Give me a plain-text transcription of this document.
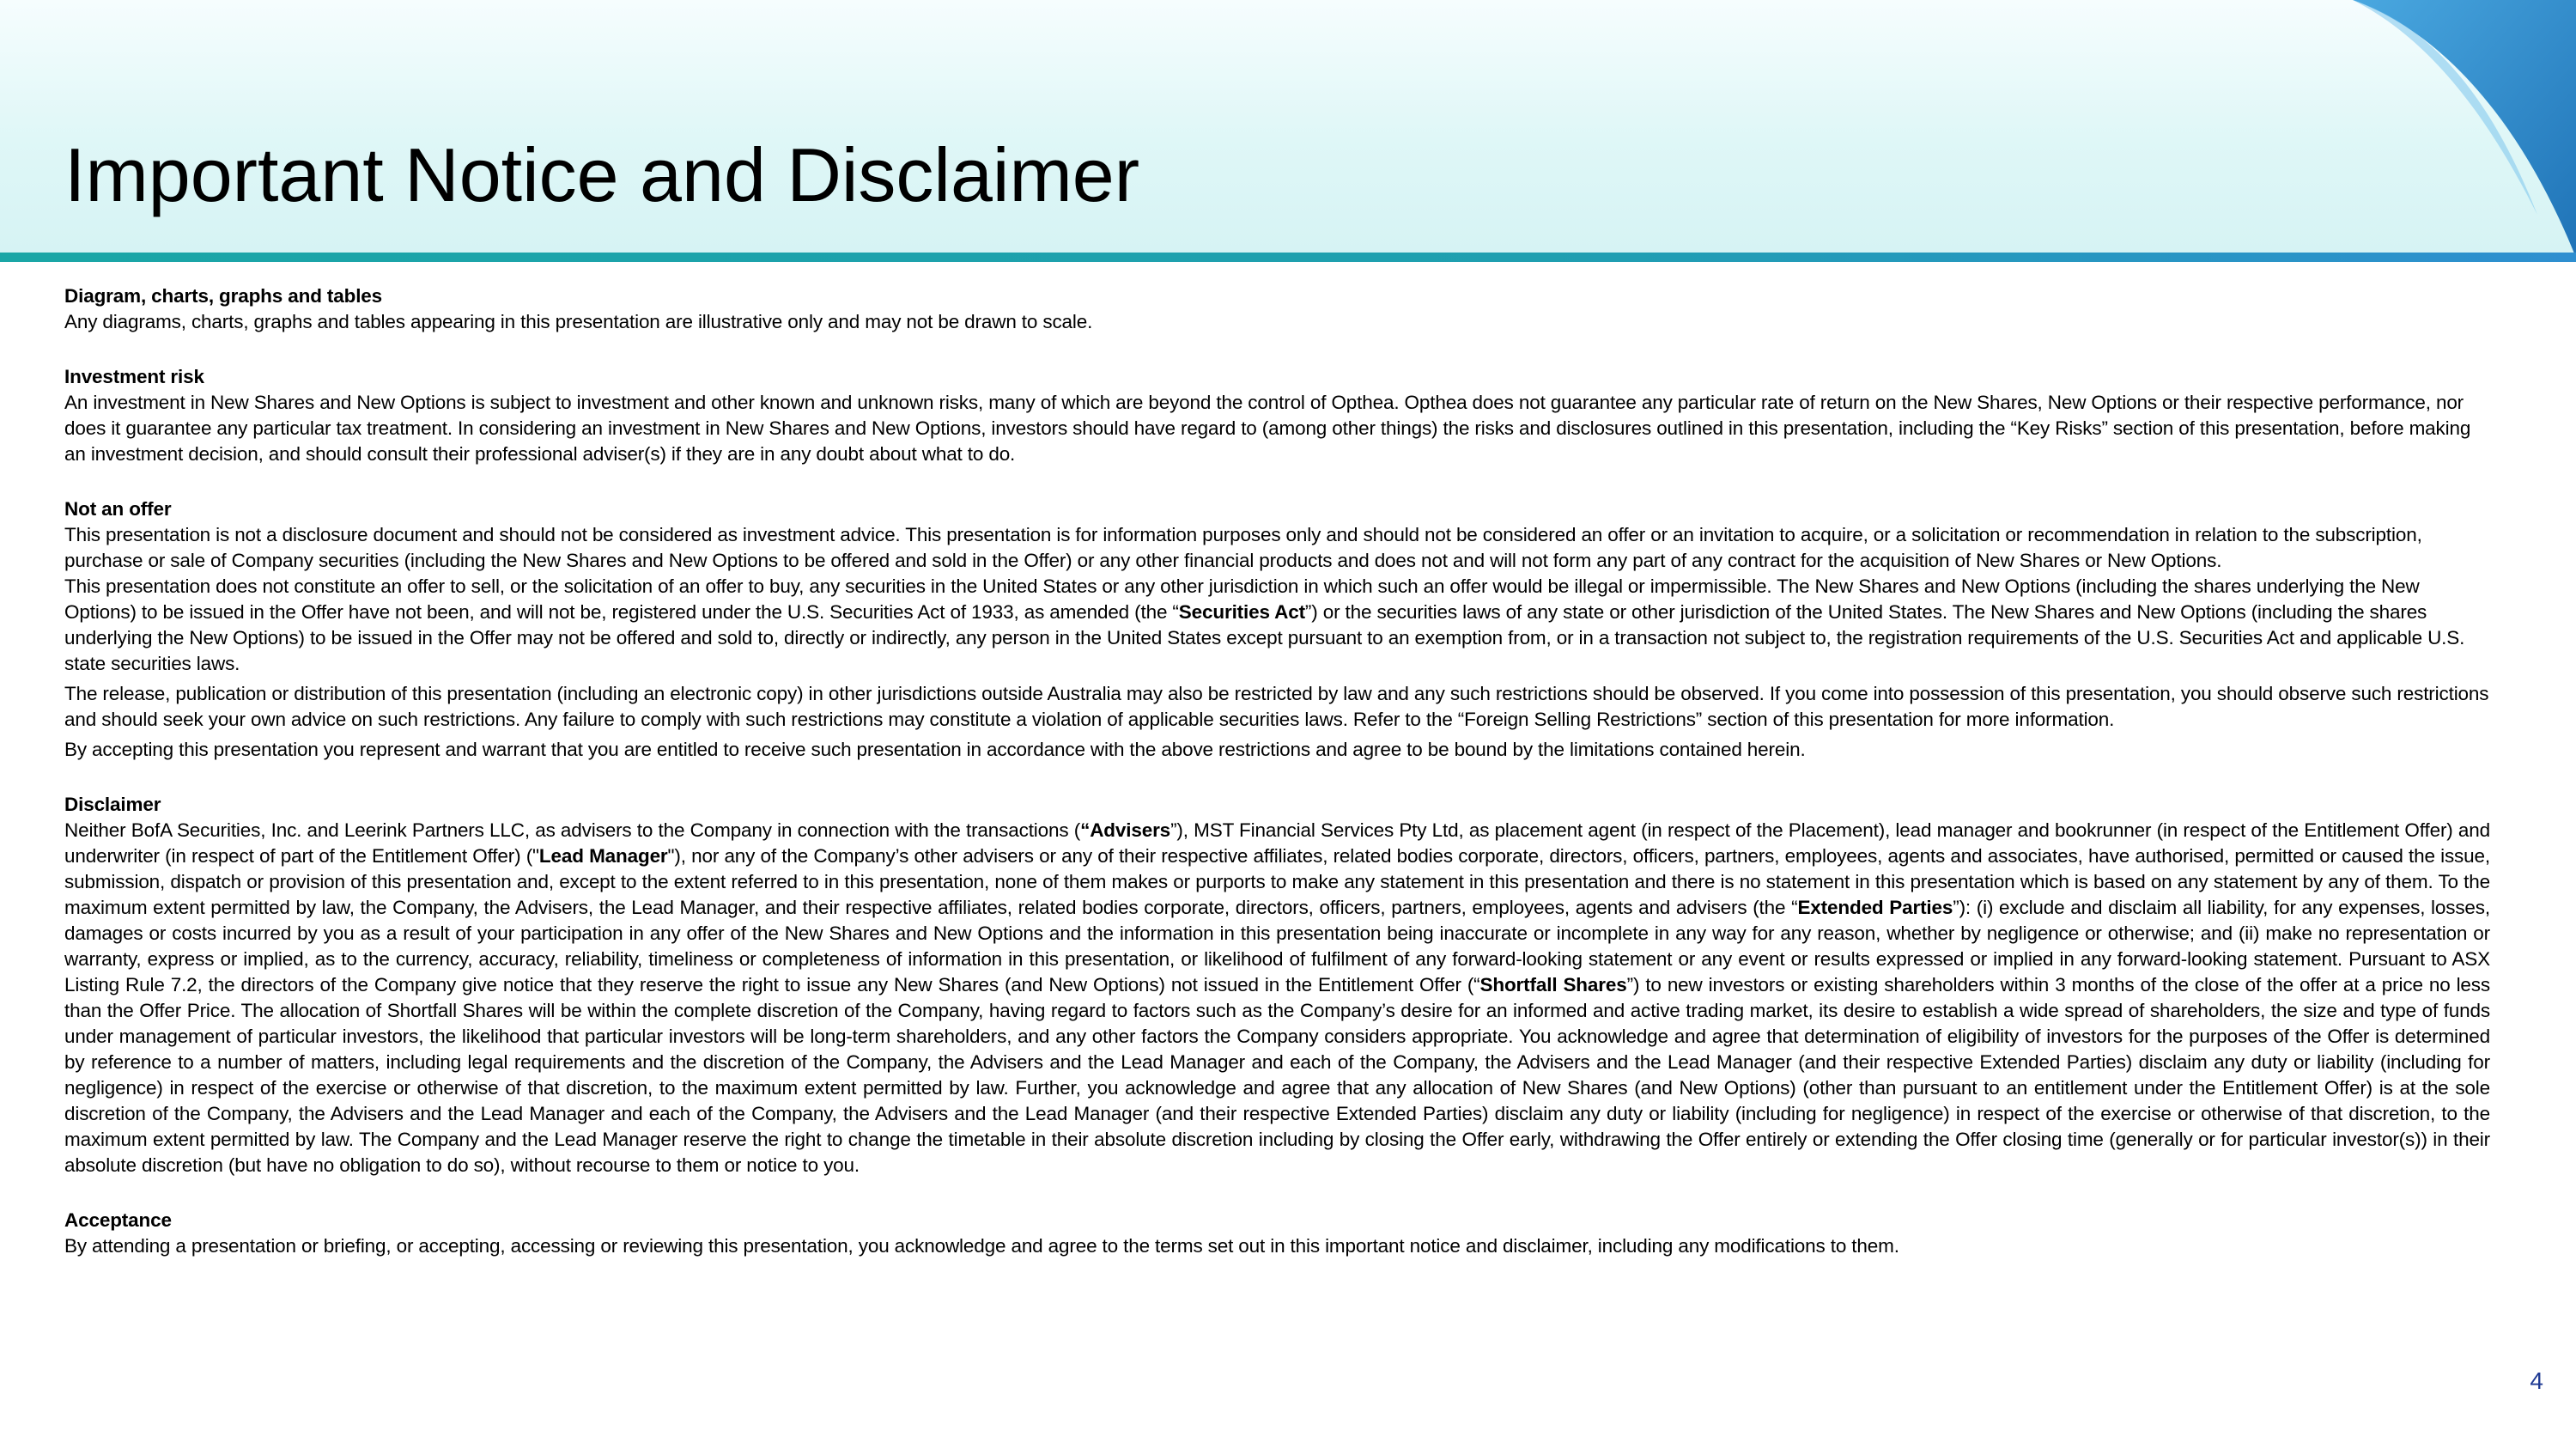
Important Notice and Disclaimer

Diagram, charts, graphs and tables

Any diagrams, charts, graphs and tables appearing in this presentation are illustrative only and may not be drawn to scale.

Investment risk

An investment in New Shares and New Options is subject to investment and other known and unknown risks, many of which are beyond the control of Opthea. Opthea does not guarantee any particular rate of return on the New Shares, New Options or their respective performance, nor does it guarantee any particular tax treatment. In considering an investment in New Shares and New Options, investors should have regard to (among other things) the risks and disclosures outlined in this presentation, including the “Key Risks” section of this presentation, before making an investment decision, and should consult their professional adviser(s) if they are in any doubt about what to do.

Not an offer

This presentation is not a disclosure document and should not be considered as investment advice. This presentation is for information purposes only and should not be considered an offer or an invitation to acquire, or a solicitation or recommendation in relation to the subscription, purchase or sale of Company securities (including the New Shares and New Options to be offered and sold in the Offer) or any other financial products and does not and will not form any part of any contract for the acquisition of New Shares or New Options.

This presentation does not constitute an offer to sell, or the solicitation of an offer to buy, any securities in the United States or any other jurisdiction in which such an offer would be illegal or impermissible. The New Shares and New Options (including the shares underlying the New Options) to be issued in the Offer have not been, and will not be, registered under the U.S. Securities Act of 1933, as amended (the “Securities Act”) or the securities laws of any state or other jurisdiction of the United States. The New Shares and New Options (including the shares underlying the New Options) to be issued in the Offer may not be offered and sold to, directly or indirectly, any person in the United States except pursuant to an exemption from, or in a transaction not subject to, the registration requirements of the U.S. Securities Act and applicable U.S. state securities laws.

The release, publication or distribution of this presentation (including an electronic copy) in other jurisdictions outside Australia may also be restricted by law and any such restrictions should be observed. If you come into possession of this presentation, you should observe such restrictions and should seek your own advice on such restrictions. Any failure to comply with such restrictions may constitute a violation of applicable securities laws. Refer to the “Foreign Selling Restrictions” section of this presentation for more information.

By accepting this presentation you represent and warrant that you are entitled to receive such presentation in accordance with the above restrictions and agree to be bound by the limitations contained herein.

Disclaimer

Neither BofA Securities, Inc. and Leerink Partners LLC, as advisers to the Company in connection with the transactions (“Advisers”), MST Financial Services Pty Ltd, as placement agent (in respect of the Placement), lead manager and bookrunner (in respect of the Entitlement Offer) and underwriter (in respect of part of the Entitlement Offer) ("Lead Manager"), nor any of the Company’s other advisers or any of their respective affiliates, related bodies corporate, directors, officers, partners, employees, agents and associates, have authorised, permitted or caused the issue, submission, dispatch or provision of this presentation and, except to the extent referred to in this presentation, none of them makes or purports to make any statement in this presentation and there is no statement in this presentation which is based on any statement by any of them. To the maximum extent permitted by law, the Company, the Advisers, the Lead Manager, and their respective affiliates, related bodies corporate, directors, officers, partners, employees, agents and advisers (the “Extended Parties”): (i) exclude and disclaim all liability, for any expenses, losses, damages or costs incurred by you as a result of your participation in any offer of the New Shares and New Options and the information in this presentation being inaccurate or incomplete in any way for any reason, whether by negligence or otherwise; and (ii) make no representation or warranty, express or implied, as to the currency, accuracy, reliability, timeliness or completeness of information in this presentation, or likelihood of fulfilment of any forward-looking statement or any event or results expressed or implied in any forward-looking statement. Pursuant to ASX Listing Rule 7.2, the directors of the Company give notice that they reserve the right to issue any New Shares (and New Options) not issued in the Entitlement Offer (“Shortfall Shares”) to new investors or existing shareholders within 3 months of the close of the offer at a price no less than the Offer Price. The allocation of Shortfall Shares will be within the complete discretion of the Company, having regard to factors such as the Company’s desire for an informed and active trading market, its desire to establish a wide spread of shareholders, the size and type of funds under management of particular investors, the likelihood that particular investors will be long-term shareholders, and any other factors the Company considers appropriate. You acknowledge and agree that determination of eligibility of investors for the purposes of the Offer is determined by reference to a number of matters, including legal requirements and the discretion of the Company, the Advisers and the Lead Manager and each of the Company, the Advisers and the Lead Manager (and their respective Extended Parties) disclaim any duty or liability (including for negligence) in respect of the exercise or otherwise of that discretion, to the maximum extent permitted by law. Further, you acknowledge and agree that any allocation of New Shares (and New Options) (other than pursuant to an entitlement under the Entitlement Offer) is at the sole discretion of the Company, the Advisers and the Lead Manager and each of the Company, the Advisers and the Lead Manager (and their respective Extended Parties) disclaim any duty or liability (including for negligence) in respect of the exercise or otherwise of that discretion, to the maximum extent permitted by law. The Company and the Lead Manager reserve the right to change the timetable in their absolute discretion including by closing the Offer early, withdrawing the Offer entirely or extending the Offer closing time (generally or for particular investor(s)) in their absolute discretion (but have no obligation to do so), without recourse to them or notice to you.

Acceptance

By attending a presentation or briefing, or accepting, accessing or reviewing this presentation, you acknowledge and agree to the terms set out in this important notice and disclaimer, including any modifications to them.

4
